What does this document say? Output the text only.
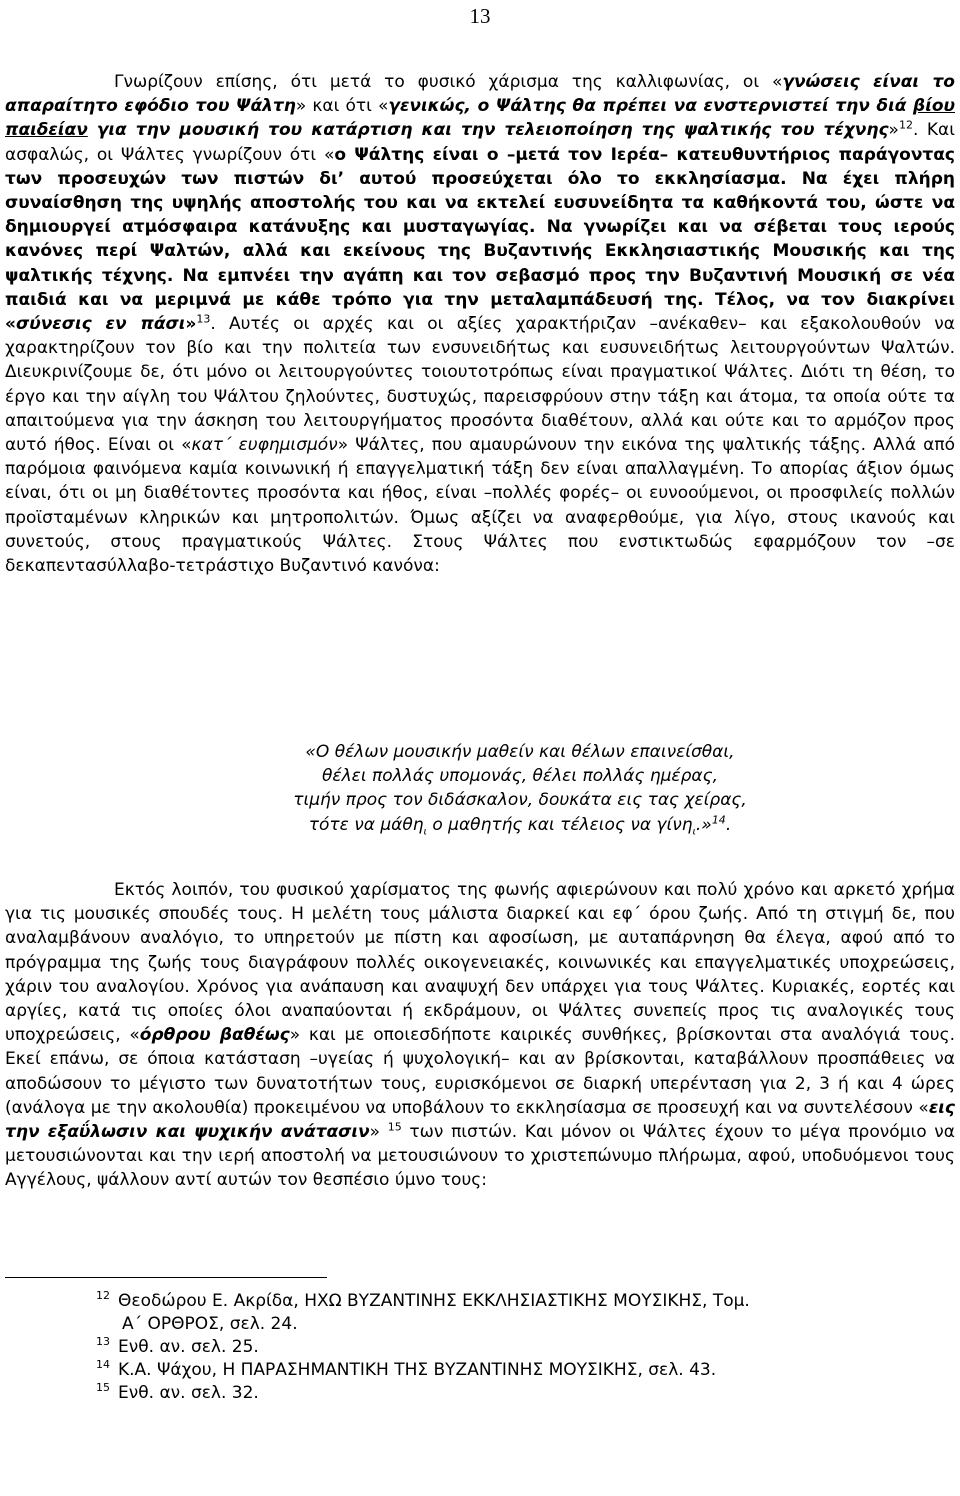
13

Γνωρίζουν επίσης, ότι μετά το φυσικό χάρισμα της καλλιφωνίας, οι «γνώσεις είναι το απαραίτητο εφόδιο του Ψάλτη» και ότι «γενικώς, ο Ψάλτης θα πρέπει να ενστερνιστεί την διά βίου παιδείαν για την μουσική του κατάρτιση και την τελειοποίηση της ψαλτικής του τέχνης»$^{12}$. Και ασφαλώς, οι Ψάλτες γνωρίζουν ότι «ο Ψάλτης είναι ο –μετά τον Ιερέα– κατευθυντήριος παράγοντας των προσευχών των πιστών δι’ αυτού προσεύχεται όλο το εκκλησίασμα. Να έχει πλήρη συναίσθηση της υψηλής αποστολής του και να εκτελεί ευσυνείδητα τα καθήκοντά του, ώστε να δημιουργεί ατμόσφαιρα κατάνυξης και μυσταγωγίας. Να γνωρίζει και να σέβεται τους ιερούς κανόνες περί Ψαλτών, αλλά και εκείνους της Βυζαντινής Εκκλησιαστικής Μουσικής και της ψαλτικής τέχνης. Να εμπνέει την αγάπη και τον σεβασμό προς την Βυζαντινή Μουσική σε νέα παιδιά και να μεριμνά με κάθε τρόπο για την μεταλαμπάδευσή της. Τέλος, να τον διακρίνει «σύνεσις εν πάσι»$^{13}$. Αυτές οι αρχές και οι αξίες χαρακτήριζαν –ανέκαθεν– και εξακολουθούν να χαρακτηρίζουν τον βίο και την πολιτεία των ενσυνειδήτως και ευσυνειδήτως λειτουργούντων Ψαλτών. Διευκρινίζουμε δε, ότι μόνο οι λειτουργούντες τοιουτοτρόπως είναι πραγματικοί Ψάλτες. Διότι τη θέση, το έργο και την αίγλη του Ψάλτου ζηλούντες, δυστυχώς, παρεισφρύουν στην τάξη και άτομα, τα οποία ούτε τα απαιτούμενα για την άσκηση του λειτουργήματος προσόντα διαθέτουν, αλλά και ούτε και το αρμόζον προς αυτό ήθος. Είναι οι «κατ΄ ευφημισμόν» Ψάλτες, που αμαυρώνουν την εικόνα της ψαλτικής τάξης. Αλλά από παρόμοια φαινόμενα καμία κοινωνική ή επαγγελματική τάξη δεν είναι απαλλαγμένη. Το απορίας άξιον όμως είναι, ότι οι μη διαθέτοντες προσόντα και ήθος, είναι –πολλές φορές– οι ευνοούμενοι, οι προσφιλείς πολλών προϊσταμένων κληρικών και μητροπολιτών. Όμως αξίζει να αναφερθούμε, για λίγο, στους ικανούς και συνετούς, στους πραγματικούς Ψάλτες. Στους Ψάλτες που ενστικτωδώς εφαρμόζουν τον –σε δεκαπεντασύλλαβο-τετράστιχο Βυζαντινό κανόνα:

«Ο θέλων μουσικήν μαθείν και θέλων επαινείσθαι,
θέλει πολλάς υπομονάς, θέλει πολλάς ημέρας,
τιμήν προς τον διδάσκαλον, δουκάτα εις τας χείρας,
τότε να μάθη$_\iota$ ο μαθητής και τέλειος να γίνη$_\iota$.»$^{14}$.

Εκτός λοιπόν, του φυσικού χαρίσματος της φωνής αφιερώνουν και πολύ χρόνο και αρκετό χρήμα για τις μουσικές σπουδές τους. Η μελέτη τους μάλιστα διαρκεί και εφ΄ όρου ζωής. Από τη στιγμή δε, που αναλαμβάνουν αναλόγιο, το υπηρετούν με πίστη και αφοσίωση, με αυταπάρνηση θα έλεγα, αφού από το πρόγραμμα της ζωής τους διαγράφουν πολλές οικογενειακές, κοινωνικές και επαγγελματικές υποχρεώσεις, χάριν του αναλογίου. Χρόνος για ανάπαυση και αναψυχή δεν υπάρχει για τους Ψάλτες. Κυριακές, εορτές και αργίες, κατά τις οποίες όλοι αναπαύονται ή εκδράμουν, οι Ψάλτες συνεπείς προς τις αναλογικές τους υποχρεώσεις, «όρθρου βαθέως» και με οποιεσδήποτε καιρικές συνθήκες, βρίσκονται στα αναλόγιά τους. Εκεί επάνω, σε όποια κατάσταση –υγείας ή ψυχολογική– και αν βρίσκονται, καταβάλλουν προσπάθειες να αποδώσουν το μέγιστο των δυνατοτήτων τους, ευρισκόμενοι σε διαρκή υπερένταση για 2, 3 ή και 4 ώρες (ανάλογα με την ακολουθία) προκειμένου να υποβάλουν το εκκλησίασμα σε προσευχή και να συντελέσουν «εις την εξαΰλωσιν και ψυχικήν ανάτασιν» $^{15}$ των πιστών. Και μόνον οι Ψάλτες έχουν το μέγα προνόμιο να μετουσιώνονται και την ιερή αποστολή να μετουσιώνουν το χριστεπώνυμο πλήρωμα, αφού, υποδυόμενοι τους Αγγέλους, ψάλλουν αντί αυτών τον θεσπέσιο ύμνο τους:

$^{12}$ Θεοδώρου Ε. Ακρίδα, ΗΧΩ ΒΥΖΑΝΤΙΝΗΣ ΕΚΚΛΗΣΙΑΣΤΙΚΗΣ ΜΟΥΣΙΚΗΣ, Τομ.
Α΄ ΟΡΘΡΟΣ, σελ. 24.
$^{13}$ Ενθ. αν. σελ. 25.
$^{14}$ Κ.Α. Ψάχου, Η ΠΑΡΑΣΗΜΑΝΤΙΚΗ ΤΗΣ ΒΥΖΑΝΤΙΝΗΣ ΜΟΥΣΙΚΗΣ, σελ. 43.
$^{15}$ Ενθ. αν. σελ. 32.
